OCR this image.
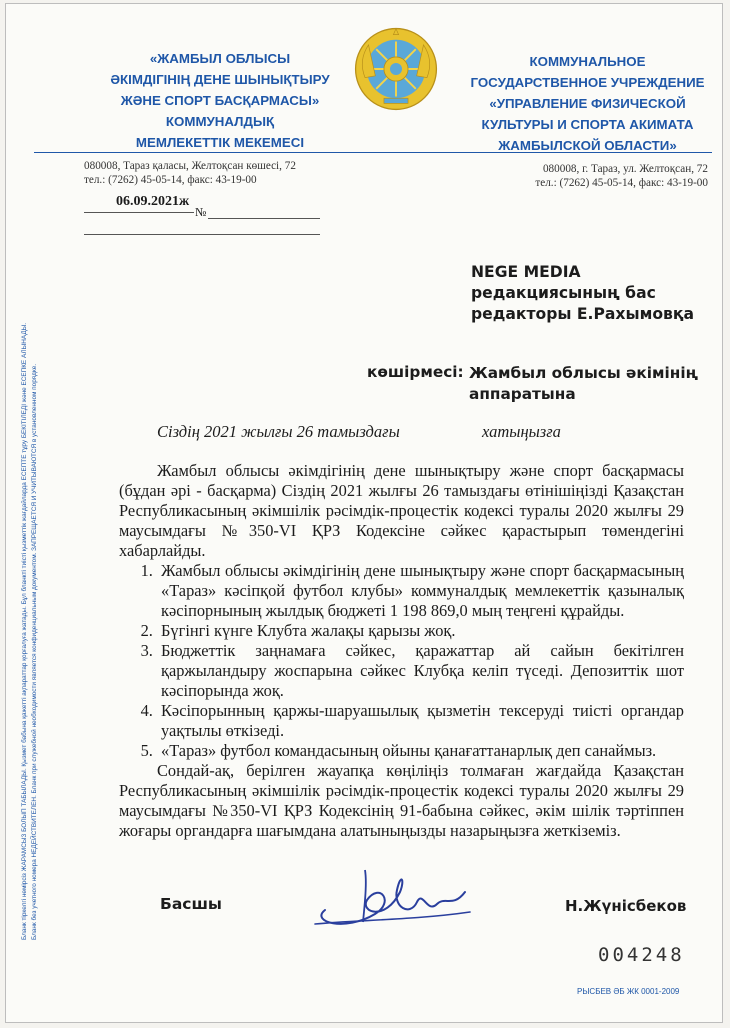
«ЖАМБЫЛ ОБЛЫСЫ
ӘКІМДІГІНІҢ ДЕНЕ ШЫНЫҚТЫРУ
ЖӘНЕ СПОРТ БАСҚАРМАСЫ»
КОММУНАЛДЫҚ
МЕМЛЕКЕТТІК МЕКЕМЕСІ
КОММУНАЛЬНОЕ
ГОСУДАРСТВЕННОЕ УЧРЕЖДЕНИЕ
«УПРАВЛЕНИЕ ФИЗИЧЕСКОЙ
КУЛЬТУРЫ И СПОРТА АКИМАТА
ЖАМБЫЛСКОЙ ОБЛАСТИ»
080008, Тараз қаласы, Желтоқсан көшесі, 72
тел.: (7262) 45-05-14, факс: 43-19-00
080008, г. Тараз, ул. Желтоқсан, 72
тел.: (7262) 45-05-14, факс: 43-19-00
06.09.2021ж
№
NEGE MEDIA
редакциясының бас
редакторы Е.Рахымовқа
көшірмесі: Жамбыл облысы әкімінің
аппаратына
Сіздің 2021 жылғы 26 тамыздағы	хатыңызға

Жамбыл облысы әкімдігінің дене шынықтыру және спорт басқармасы (бұдан әрі - басқарма) Сіздің 2021 жылғы 26 тамыздағы өтінішіңізді Қазақстан Республикасының әкімшілік рәсімдік-процестік кодексі туралы 2020 жылғы 29 маусымдағы №350-VI ҚРЗ Кодексіне сәйкес қарастырып төмендегіні хабарлайды.

1. Жамбыл облысы әкімдігінің дене шынықтыру және спорт басқармасының «Тараз» кәсіпқой футбол клубы» коммуналдық мемлекеттік қазыналық кәсіпорнының жылдық бюджеті 1 198 869,0 мың теңгені құрайды.
2. Бүгінгі күнге Клубта жалақы қарызы жоқ.
3. Бюджеттік заңнамаға сәйкес, қаражаттар ай сайын бекітілген қаржыландыру жоспарына сәйкес Клубқа келіп түседі. Депозиттік шот кәсіпорында жоқ.
4. Кәсіпорынның қаржы-шаруашылық қызметін тексеруді тиісті органдар уақтылы өткізеді.
5. «Тараз» футбол командасының ойыны қанағаттанарлық деп санаймыз.

Сондай-ақ, берілген жауапқа көңіліңіз толмаған жағдайда Қазақстан Республикасының әкімшілік рәсімдік-процестік кодексі туралы 2020 жылғы 29 маусымдағы №350-VI ҚРЗ Кодексінің 91-бабына сәйкес, әкім шілік тәртіппен жоғары органдарға шағымдана алатыныңызды назарыңызға жеткіземіз.

Басшы	Н.Жүнісбеков
004248
РЫСБЕВ ӘБ ЖК 0001-2009
Бланк тіркелгі нөмірсіз ЖАРАМСЫЗ БОЛЫП ТАБЫЛАДЫ. Қызмет бабына қажетті ақпараттар қорғалуға жатады. Бұл бланкті тиісті қызметтік жағдайларда ЕСЕПТЕ тұру БЕКІТІЛЕДІ және ЕСЕПКЕ АЛЫНАДЫ. Бланк без учетного номера НЕДЕЙСТВИТЕЛЕН. Бланк при служебной необходимости является конфиденциальным документом. ЗАПРЕЩАЕТСЯ И УЧИТЫВАЮТСЯ в установленном порядке.
